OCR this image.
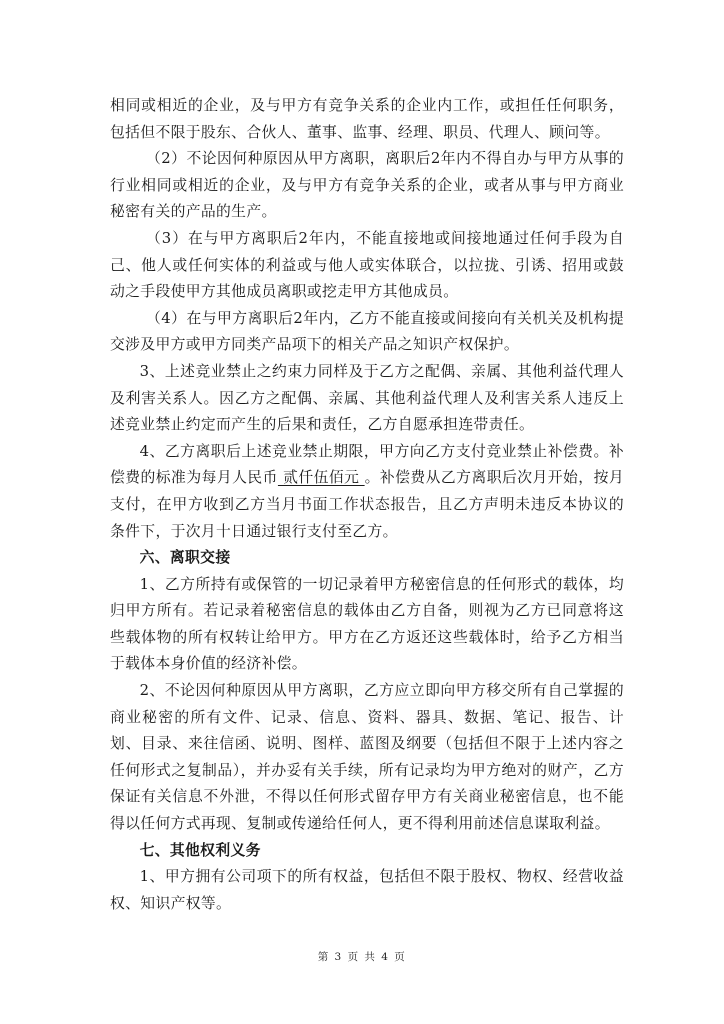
相同或相近的企业，及与甲方有竞争关系的企业内工作，或担任任何职务，包括但不限于股东、合伙人、董事、监事、经理、职员、代理人、顾问等。

（2）不论因何种原因从甲方离职，离职后2年内不得自办与甲方从事的行业相同或相近的企业，及与甲方有竞争关系的企业，或者从事与甲方商业秘密有关的产品的生产。

（3）在与甲方离职后2年内，不能直接地或间接地通过任何手段为自己、他人或任何实体的利益或与他人或实体联合，以拉拢、引诱、招用或鼓动之手段使甲方其他成员离职或挖走甲方其他成员。

（4）在与甲方离职后2年内，乙方不能直接或间接向有关机关及机构提交涉及甲方或甲方同类产品项下的相关产品之知识产权保护。

3、上述竞业禁止之约束力同样及于乙方之配偶、亲属、其他利益代理人及利害关系人。因乙方之配偶、亲属、其他利益代理人及利害关系人违反上述竞业禁止约定而产生的后果和责任，乙方自愿承担连带责任。

4、乙方离职后上述竞业禁止期限，甲方向乙方支付竞业禁止补偿费。补偿费的标准为每月人民币 贰仟伍佰元 。补偿费从乙方离职后次月开始，按月支付，在甲方收到乙方当月书面工作状态报告，且乙方声明未违反本协议的条件下，于次月十日通过银行支付至乙方。

六、离职交接

1、乙方所持有或保管的一切记录着甲方秘密信息的任何形式的载体，均归甲方所有。若记录着秘密信息的载体由乙方自备，则视为乙方已同意将这些载体物的所有权转让给甲方。甲方在乙方返还这些载体时，给予乙方相当于载体本身价值的经济补偿。

2、不论因何种原因从甲方离职，乙方应立即向甲方移交所有自己掌握的商业秘密的所有文件、记录、信息、资料、器具、数据、笔记、报告、计划、目录、来往信函、说明、图样、蓝图及纲要（包括但不限于上述内容之任何形式之复制品），并办妥有关手续，所有记录均为甲方绝对的财产，乙方保证有关信息不外泄，不得以任何形式留存甲方有关商业秘密信息，也不能得以任何方式再现、复制或传递给任何人，更不得利用前述信息谋取利益。

七、其他权利义务

1、甲方拥有公司项下的所有权益，包括但不限于股权、物权、经营收益权、知识产权等。

第 3 页 共 4 页
